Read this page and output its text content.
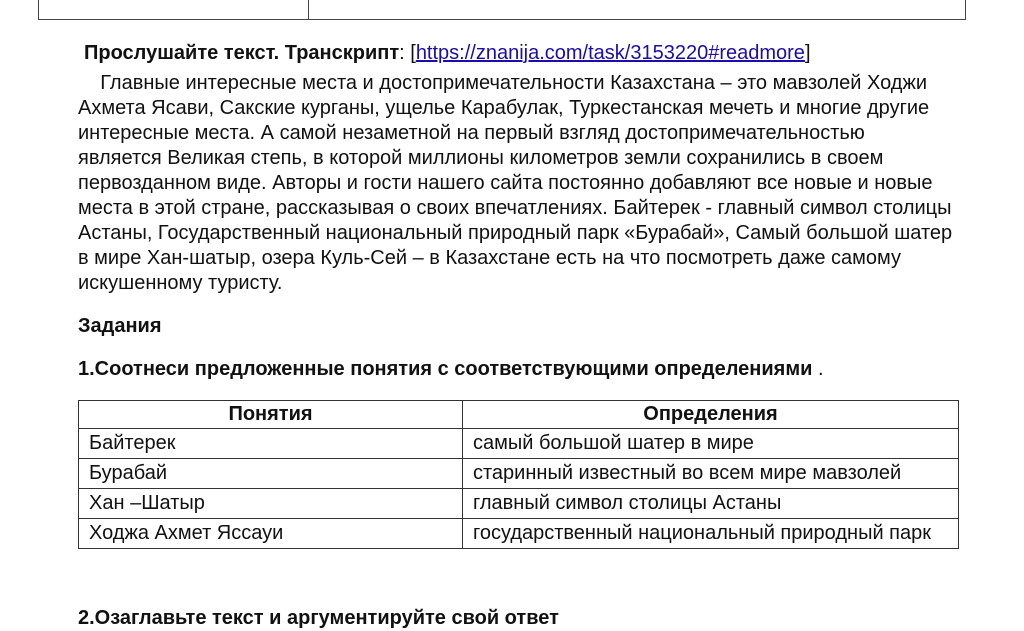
Прослушайте текст. Транскрипт: [https://znanija.com/task/3153220#readmore]
Главные интересные места и достопримечательности Казахстана – это мавзолей Ходжи
Ахмета Ясави, Сакские курганы, ущелье Карабулак, Туркестанская мечеть и многие другие
интересные места. А самой незаметной на первый взгляд достопримечательностью
является Великая степь, в которой миллионы километров земли сохранились в своем
первозданном виде. Авторы и гости нашего сайта постоянно добавляют все новые и новые
места в этой стране, рассказывая о своих впечатлениях. Байтерек - главный символ столицы
Астаны, Государственный национальный природный парк «Бурабай», Самый большой шатер
в мире Хан-шатыр, озера Куль-Сей – в Казахстане есть на что посмотреть даже самому
искушенному туристу.
Задания
1.Соотнеси предложенные понятия с соответствующими определениями .
Понятия	Определения
Байтерек	самый большой шатер в мире
Бурабай	старинный известный во всем мире мавзолей
Хан –Шатыр	главный символ столицы Астаны
Ходжа Ахмет Яссауи	государственный национальный природный парк
2.Озаглавьте текст и аргументируйте свой ответ
